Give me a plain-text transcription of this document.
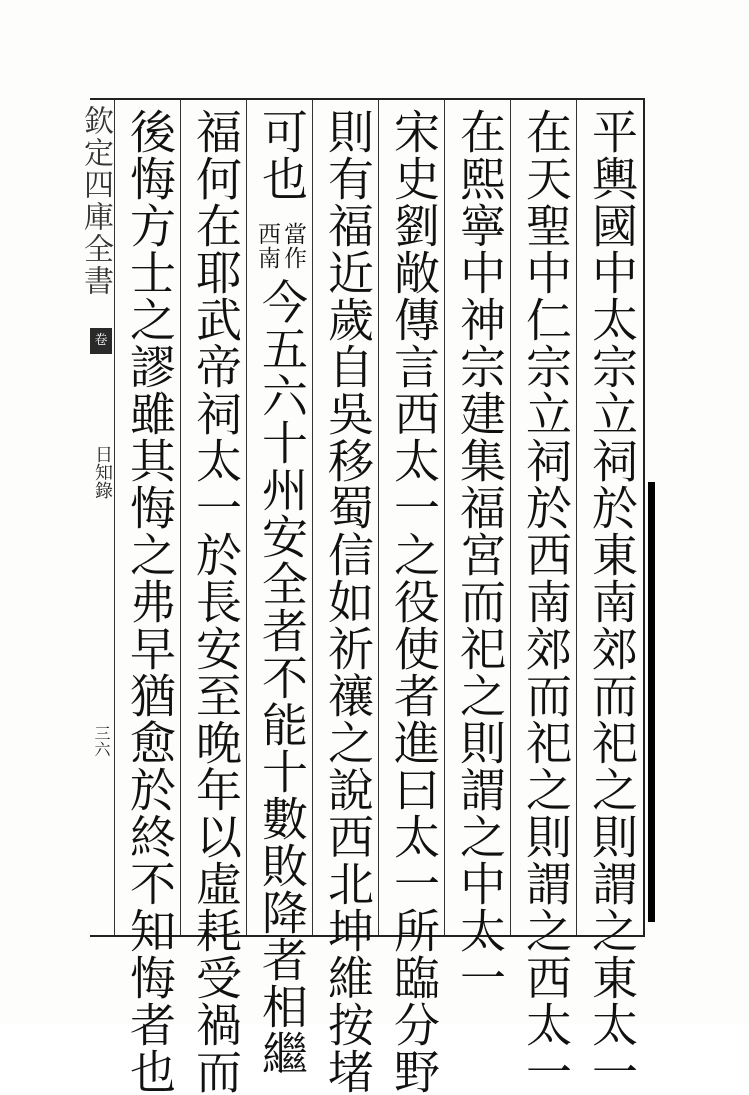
欽定四庫全書
卷
日知錄
三六	平輿國中太宗立祠於東南郊而祀之則謂之東太一
在天聖中仁宗立祠於西南郊而祀之則謂之西太一
在熙寧中神宗建集福宮而祀之則謂之中太一
宋史劉敞傳言西太一之役使者進曰太一所臨分野
則有福近歲自吳移蜀信如祈禳之說西北坤維按堵
可也
當作
西南
今五六十州安全者不能十數敗降者相繼
福何在耶武帝祠太一於長安至晚年以虛耗受禍而
後悔方士之謬雖其悔之弗早猶愈於終不知悔者也
